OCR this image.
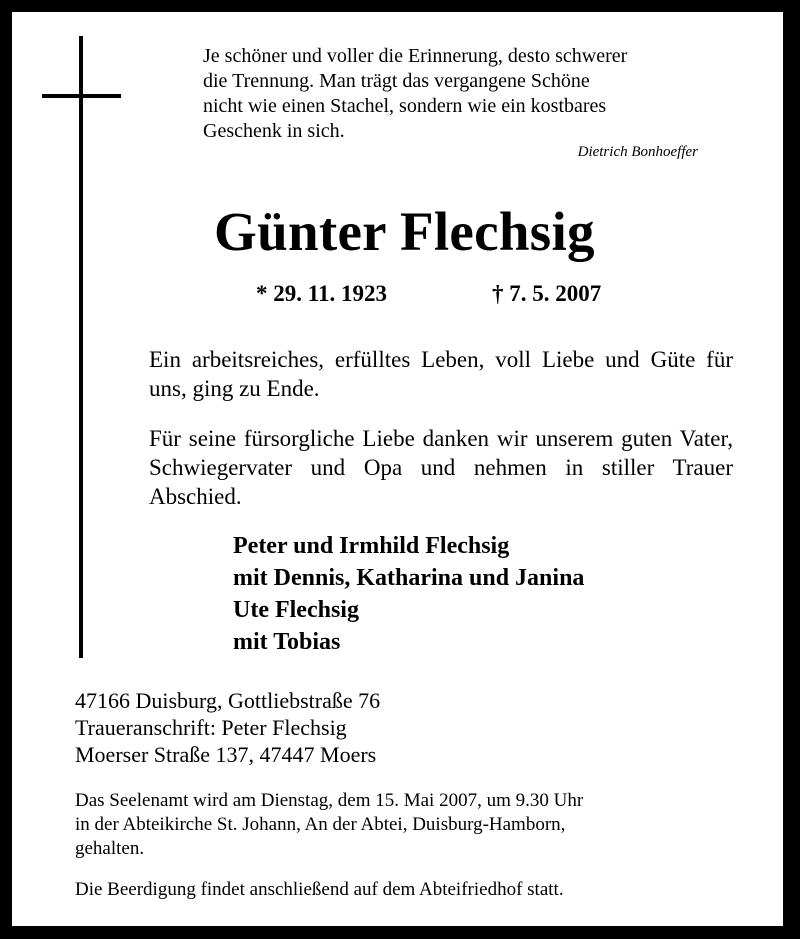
Je schöner und voller die Erinnerung, desto schwerer
die Trennung. Man trägt das vergangene Schöne
nicht wie einen Stachel, sondern wie ein kostbares
Geschenk in sich.
Dietrich Bonhoeffer
Günter Flechsig
* 29. 11. 1923	† 7. 5. 2007
Ein arbeitsreiches, erfülltes Leben, voll Liebe und Güte für uns, ging zu Ende.
Für seine fürsorgliche Liebe danken wir unserem guten Vater, Schwiegervater und Opa und nehmen in stiller Trauer Abschied.
Peter und Irmhild Flechsig
mit Dennis, Katharina und Janina
Ute Flechsig
mit Tobias
47166 Duisburg, Gottliebstraße 76
Traueranschrift: Peter Flechsig
Moerser Straße 137, 47447 Moers
Das Seelenamt wird am Dienstag, dem 15. Mai 2007, um 9.30 Uhr
in der Abteikirche St. Johann, An der Abtei, Duisburg-Hamborn,
gehalten.
Die Beerdigung findet anschließend auf dem Abteifriedhof statt.
